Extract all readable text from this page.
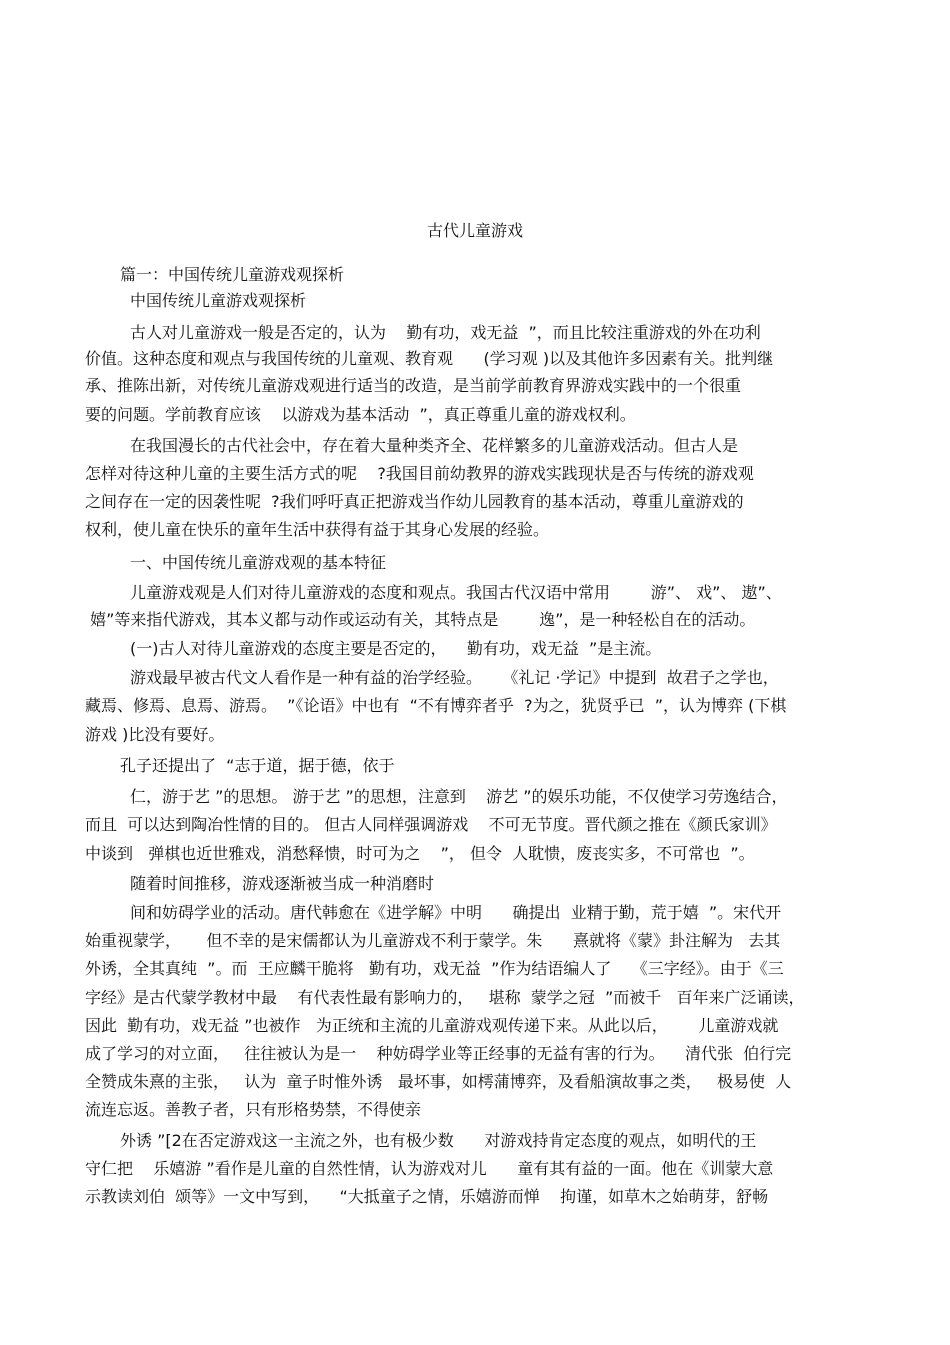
古代儿童游戏
篇一：中国传统儿童游戏观探析
中国传统儿童游戏观探析
古人对儿童游戏一般是否定的，认为    勤有功，戏无益  ”，而且比较注重游戏的外在功利
价值。这种态度和观点与我国传统的儿童观、教育观      (学习观 )以及其他许多因素有关。批判继
承、推陈出新，对传统儿童游戏观进行适当的改造，是当前学前教育界游戏实践中的一个很重
要的问题。学前教育应该    以游戏为基本活动  ”，真正尊重儿童的游戏权利。
在我国漫长的古代社会中，存在着大量种类齐全、花样繁多的儿童游戏活动。但古人是
怎样对待这种儿童的主要生活方式的呢    ?我国目前幼教界的游戏实践现状是否与传统的游戏观
之间存在一定的因袭性呢  ?我们呼吁真正把游戏当作幼儿园教育的基本活动，尊重儿童游戏的
权利，使儿童在快乐的童年生活中获得有益于其身心发展的经验。
一、中国传统儿童游戏观的基本特征
儿童游戏观是人们对待儿童游戏的态度和观点。我国古代汉语中常用        游”、 戏”、 遨”、
嬉”等来指代游戏，其本义都与动作或运动有关，其特点是        逸”，是一种轻松自在的活动。
(一)古人对待儿童游戏的态度主要是否定的，    勤有功，戏无益  ”是主流。
游戏最早被古代文人看作是一种有益的治学经验。    《礼记 ·学记》中提到  故君子之学也，
藏焉、修焉、息焉、游焉。  ”《论语》中也有  “不有博弈者乎  ?为之，犹贤乎已  ”，认为博弈 (下棋
游戏 )比没有要好。
孔子还提出了  “志于道，据于德，依于
仁，游于艺 ”的思想。 游于艺 ”的思想，注意到    游艺 ”的娱乐功能，不仅使学习劳逸结合，
而且  可以达到陶冶性情的目的。 但古人同样强调游戏    不可无节度。晋代颜之推在《颜氏家训》
中谈到   弹棋也近世雅戏，消愁释愦，时可为之    ”， 但令  人耽愦，废丧实多，不可常也  ”。
随着时间推移，游戏逐渐被当成一种消磨时
间和妨碍学业的活动。唐代韩愈在《进学解》中明      确提出  业精于勤，荒于嬉  ”。宋代开
始重视蒙学，     但不幸的是宋儒都认为儿童游戏不利于蒙学。朱      熹就将《蒙》卦注解为   去其
外诱，全其真纯  ”。而  王应麟干脆将   勤有功，戏无益  ”作为结语编人了    《三字经》。由于《三
字经》是古代蒙学教材中最    有代表性最有影响力的，   堪称  蒙学之冠  ”而被千   百年来广泛诵读，
因此  勤有功，戏无益 ”也被作   为正统和主流的儿童游戏观传递下来。从此以后，      儿童游戏就
成了学习的对立面，   往往被认为是一    种妨碍学业等正经事的无益有害的行为。    清代张  伯行完
全赞成朱熹的主张，   认为  童子时惟外诱   最坏事，如樗蒲博弈，及看船演故事之类，   极易使  人
流连忘返。善教子者，只有形格势禁，不得使亲
外诱 ”[2在否定游戏这一主流之外，也有极少数      对游戏持肯定态度的观点，如明代的王
守仁把    乐嬉游 ”看作是儿童的自然性情，认为游戏对儿      童有其有益的一面。他在《训蒙大意
示教读刘伯  颂等》一文中写到，    “大抵童子之情，乐嬉游而惮    拘谨，如草木之始萌芽，舒畅
